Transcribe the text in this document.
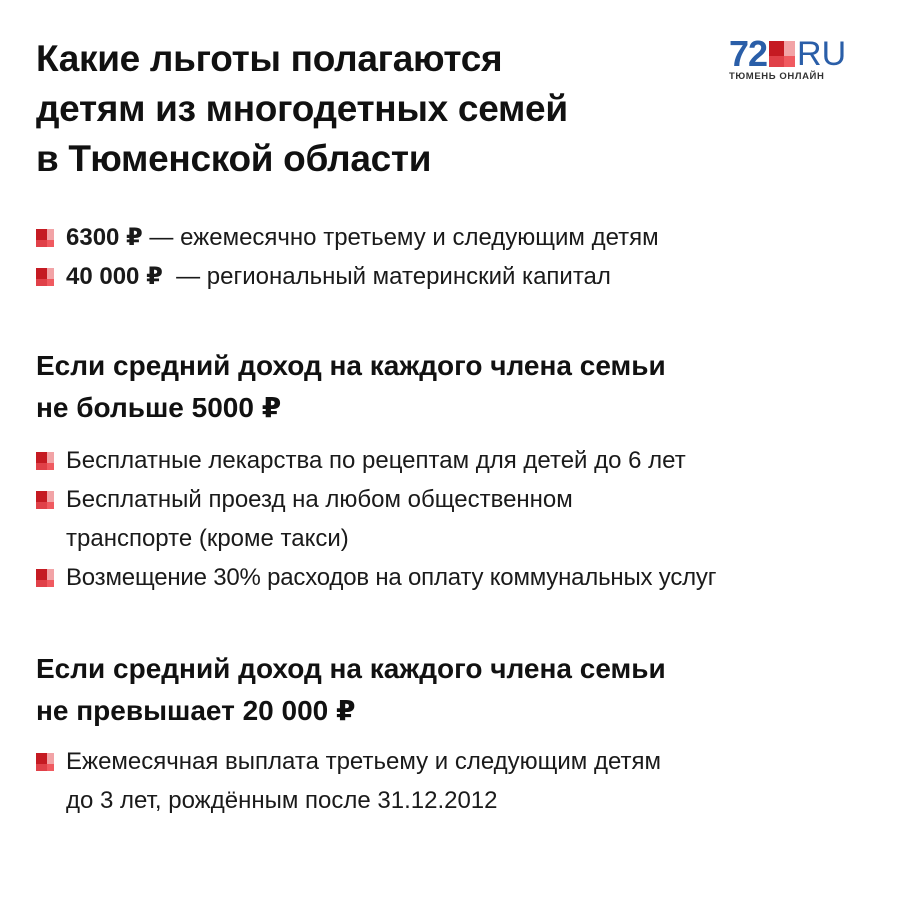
Какие льготы полагаются
детям из многодетных семей
в Тюменской области
72 RU
ТЮМЕНЬ ОНЛАЙН
6300 ₽ — ежемесячно третьему и следующим детям
40 000 ₽  — региональный материнский капитал
Если средний доход на каждого члена семьи
не больше 5000 ₽
Бесплатные лекарства по рецептам для детей до 6 лет
Бесплатный проезд на любом общественном
транспорте (кроме такси)
Возмещение 30% расходов на оплату коммунальных услуг
Если средний доход на каждого члена семьи
не превышает 20 000 ₽
Ежемесячная выплата третьему и следующим детям
до 3 лет, рождённым после 31.12.2012
